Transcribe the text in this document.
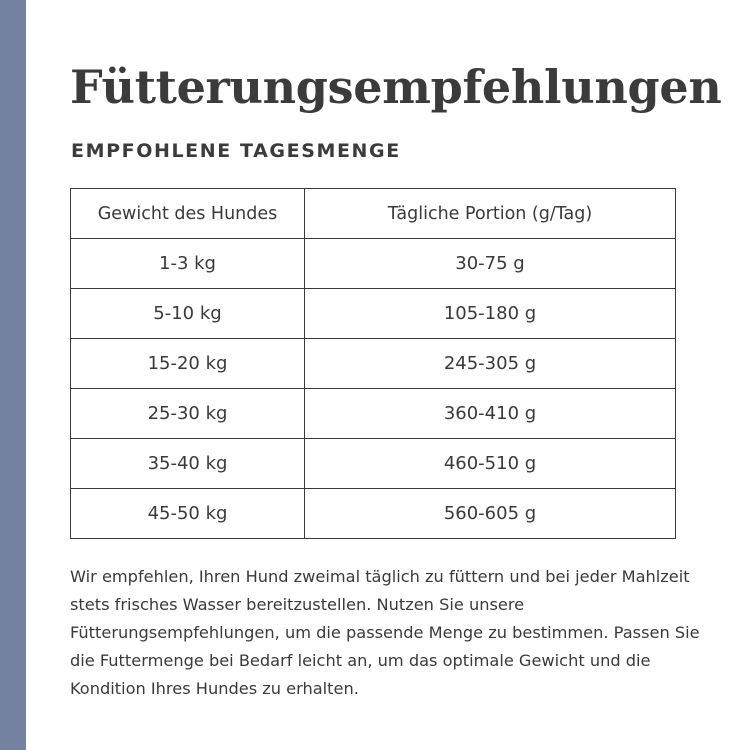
Fütterungsempfehlungen
EMPFOHLENE TAGESMENGE
Gewicht des Hundes	Tägliche Portion (g/Tag)
1-3 kg	30-75 g
5-10 kg	105-180 g
15-20 kg	245-305 g
25-30 kg	360-410 g
35-40 kg	460-510 g
45-50 kg	560-605 g

Wir empfehlen, Ihren Hund zweimal täglich zu füttern und bei jeder Mahlzeit stets frisches Wasser bereitzustellen. Nutzen Sie unsere Fütterungsempfehlungen, um die passende Menge zu bestimmen. Passen Sie die Futtermenge bei Bedarf leicht an, um das optimale Gewicht und die Kondition Ihres Hundes zu erhalten.
